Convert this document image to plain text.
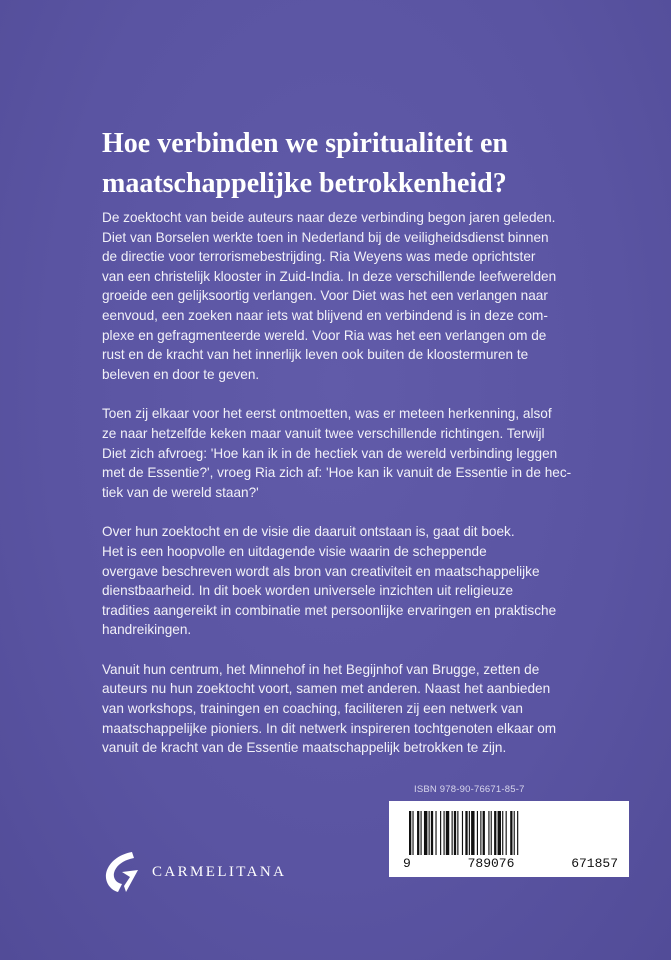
Hoe verbinden we spiritualiteit en
maatschappelijke betrokkenheid?

De zoektocht van beide auteurs naar deze verbinding begon jaren geleden.
Diet van Borselen werkte toen in Nederland bij de veiligheidsdienst binnen
de directie voor terrorismebestrijding. Ria Weyens was mede oprichtster
van een christelijk klooster in Zuid-India. In deze verschillende leefwerelden
groeide een gelijksoortig verlangen. Voor Diet was het een verlangen naar
eenvoud, een zoeken naar iets wat blijvend en verbindend is in deze com-
plexe en gefragmenteerde wereld. Voor Ria was het een verlangen om de
rust en de kracht van het innerlijk leven ook buiten de kloostermuren te
beleven en door te geven.

Toen zij elkaar voor het eerst ontmoetten, was er meteen herkenning, alsof
ze naar hetzelfde keken maar vanuit twee verschillende richtingen. Terwijl
Diet zich afvroeg: 'Hoe kan ik in de hectiek van de wereld verbinding leggen
met de Essentie?', vroeg Ria zich af: 'Hoe kan ik vanuit de Essentie in de hec-
tiek van de wereld staan?'

Over hun zoektocht en de visie die daaruit ontstaan is, gaat dit boek.
Het is een hoopvolle en uitdagende visie waarin de scheppende
overgave beschreven wordt als bron van creativiteit en maatschappelijke
dienstbaarheid. In dit boek worden universele inzichten uit religieuze
tradities aangereikt in combinatie met persoonlijke ervaringen en praktische
handreikingen.

Vanuit hun centrum, het Minnehof in het Begijnhof van Brugge, zetten de
auteurs nu hun zoektocht voort, samen met anderen. Naast het aanbieden
van workshops, trainingen en coaching, faciliteren zij een netwerk van
maatschappelijke pioniers. In dit netwerk inspireren tochtgenoten elkaar om
vanuit de kracht van de Essentie maatschappelijk betrokken te zijn.

ISBN 978-90-76671-85-7
9	789076	671857
CARMELITANA
